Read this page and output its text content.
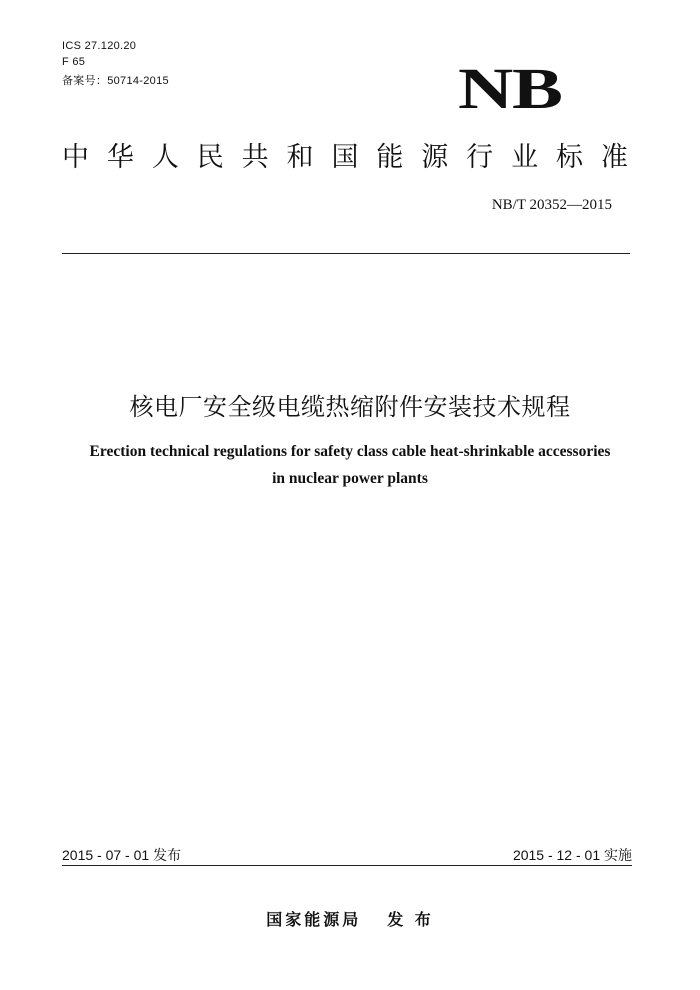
ICS 27.120.20
F 65
备案号：50714-2015	NB
中 华 人 民 共 和 国 能 源 行 业 标 准
NB/T 20352—2015
核电厂安全级电缆热缩附件安装技术规程
Erection technical regulations for safety class cable heat-shrinkable accessories
in nuclear power plants
2015 - 07 - 01 发布	2015 - 12 - 01 实施
国家能源局 发 布
